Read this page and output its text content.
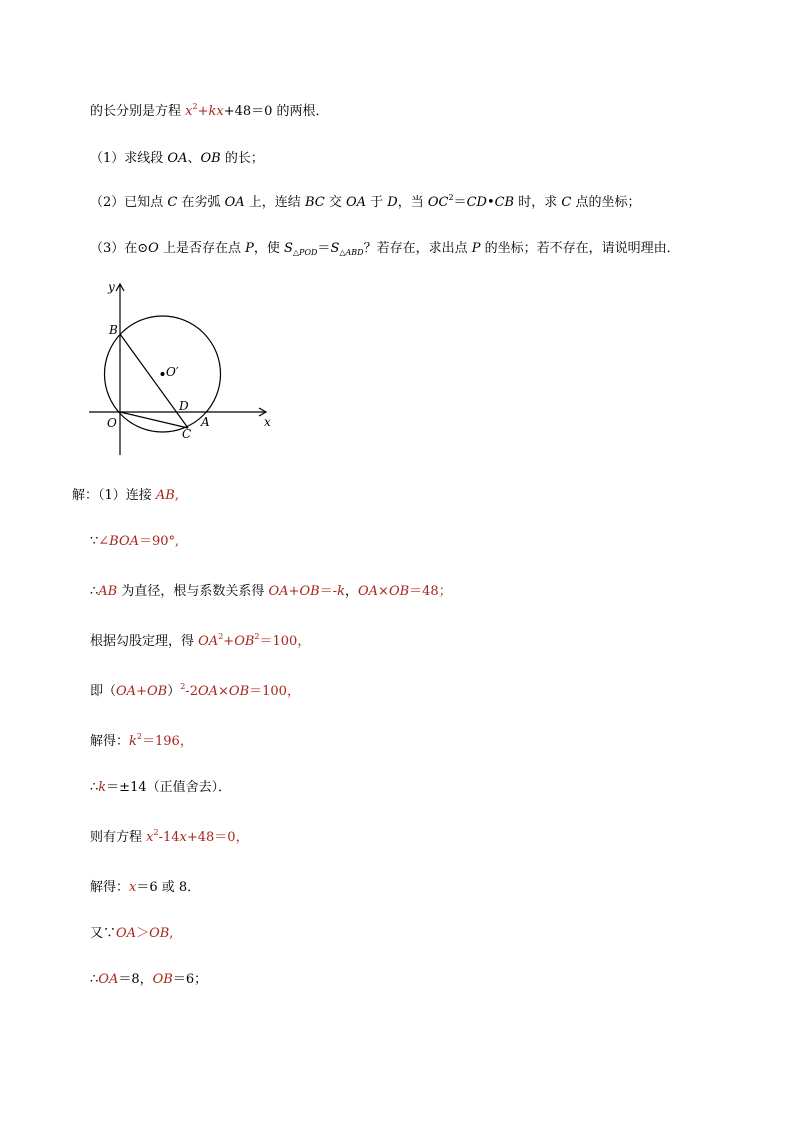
的长分别是方程 $x^2+kx+48=0$ 的两根．
（1）求线段 OA、OB 的长；
（2）已知点 C 在劣弧 OA 上，连结 BC 交 OA 于 D，当 $OC^2=CD•CB$ 时，求 C 点的坐标；
（3）在⊙O 上是否存在点 P，使 $S_{\triangle POD}=S_{\triangle ABD}$？若存在，求出点 P 的坐标；若不存在，请说明理由．
y
x
B
O	A
C
D
O′
解：（1）连接 AB,
∵∠BOA＝90°,
∴AB 为直径，根与系数关系得 OA+OB＝-k，OA×OB＝48；
根据勾股定理，得 $OA^2+OB^2=100$，
即$(OA+OB)^2-2OA\times OB=100$，
解得：$k^2=196$，
∴k＝±14（正值舍去）．
则有方程 $x^2-14x+48=0$，
解得：x＝6 或 8．
又∵OA＞OB,
∴OA＝8，OB＝6；
